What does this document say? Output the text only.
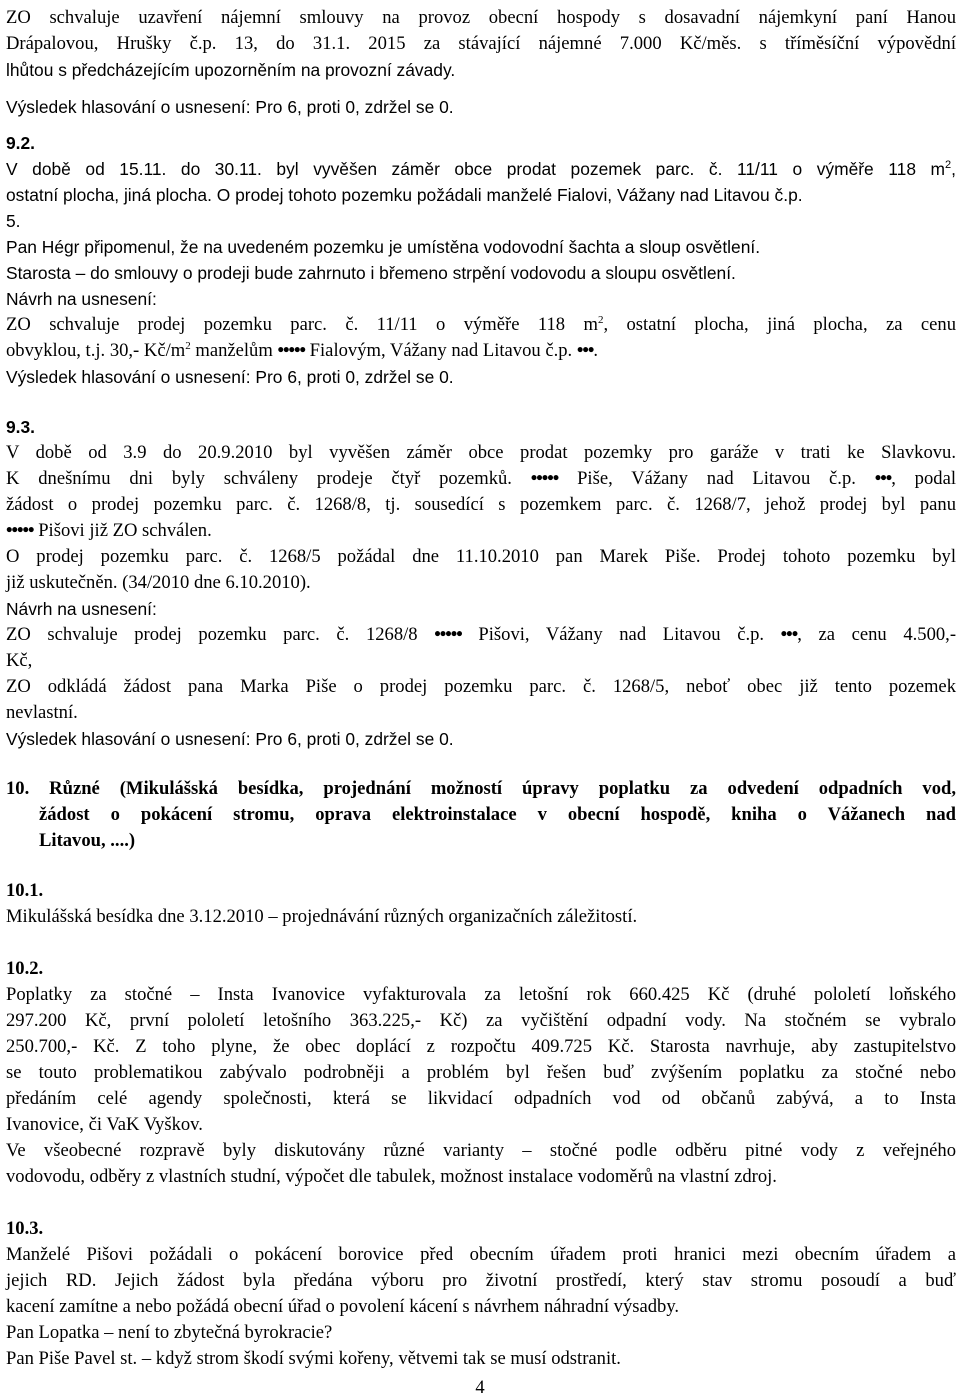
ZO schvaluje uzavření nájemní smlouvy na provoz obecní hospody s dosavadní nájemkyní paní Hanou
Drápalovou, Hrušky č.p. 13, do 31.1. 2015 za stávající nájemné 7.000 Kč/měs. s tříměsíční výpovědní
lhůtou s předcházejícím upozorněním na provozní závady.
Výsledek hlasování o usnesení: Pro 6, proti 0, zdržel se 0.
9.2.
V době od 15.11. do 30.11. byl vyvěšen záměr obce prodat pozemek parc. č. 11/11 o výměře 118 $m^2$,
ostatní plocha, jiná plocha. O prodej tohoto pozemku požádali manželé Fialovi, Vážany nad Litavou č.p.
5.
Pan Hégr připomenul, že na uvedeném pozemku je umístěna vodovodní šachta a sloup osvětlení.
Starosta – do smlouvy o prodeji bude zahrnuto i břemeno strpění vodovodu a sloupu osvětlení.
Návrh na usnesení:
ZO schvaluje prodej pozemku parc. č. 11/11 o výměře 118 $m^2$, ostatní plocha, jiná plocha, za cenu
obvyklou, t.j. 30,- $Kč/m^2$ manželům ••••• Fialovým, Vážany nad Litavou č.p. •••.
Výsledek hlasování o usnesení: Pro 6, proti 0, zdržel se 0.
9.3.
V době od 3.9 do 20.9.2010 byl vyvěšen záměr obce prodat pozemky pro garáže v trati ke Slavkovu.
K dnešnímu dni byly schváleny prodeje čtyř pozemků. ••••• Piše, Vážany nad Litavou č.p. •••, podal
žádost o prodej pozemku parc. č. 1268/8, tj. sousedící s pozemkem parc. č. 1268/7, jehož prodej byl panu
••••• Pišovi již ZO schválen.
O prodej pozemku parc. č. 1268/5 požádal dne 11.10.2010 pan Marek Piše. Prodej tohoto pozemku byl
již uskutečněn. (34/2010 dne 6.10.2010).
Návrh na usnesení:
ZO schvaluje prodej pozemku parc. č. 1268/8 ••••• Pišovi, Vážany nad Litavou č.p. •••, za cenu 4.500,-
Kč,
ZO odkládá žádost pana Marka Piše o prodej pozemku parc. č. 1268/5, neboť obec již tento pozemek
nevlastní.
Výsledek hlasování o usnesení: Pro 6, proti 0, zdržel se 0.
10. Různé (Mikulášská besídka, projednání možností úpravy poplatku za odvedení odpadních vod,
žádost o pokácení stromu, oprava elektroinstalace v obecní hospodě, kniha o Vážanech nad
Litavou, ....)
10.1.
Mikulášská besídka dne 3.12.2010 – projednávání různých organizačních záležitostí.
10.2.
Poplatky za stočné – Insta Ivanovice vyfakturovala za letošní rok 660.425 Kč (druhé pololetí loňského
297.200 Kč, první pololetí letošního 363.225,- Kč) za vyčištění odpadní vody. Na stočném se vybralo
250.700,- Kč. Z toho plyne, že obec doplácí z rozpočtu 409.725 Kč. Starosta navrhuje, aby zastupitelstvo
se touto problematikou zabývalo podrobněji a problém byl řešen buď zvýšením poplatku za stočné nebo
předáním celé agendy společnosti, která se likvidací odpadních vod od občanů zabývá, a to Insta
Ivanovice, či VaK Vyškov.
Ve všeobecné rozpravě byly diskutovány různé varianty – stočné podle odběru pitné vody z veřejného
vodovodu, odběry z vlastních studní, výpočet dle tabulek, možnost instalace vodoměrů na vlastní zdroj.
10.3.
Manželé Pišovi požádali o pokácení borovice před obecním úřadem proti hranici mezi obecním úřadem a
jejich RD. Jejich žádost byla předána výboru pro životní prostředí, který stav stromu posoudí a buď
kacení zamítne a nebo požádá obecní úřad o povolení kácení s návrhem náhradní výsadby.
Pan Lopatka – není to zbytečná byrokracie?
Pan Piše Pavel st. – když strom škodí svými kořeny, větvemi tak se musí odstranit.
4
